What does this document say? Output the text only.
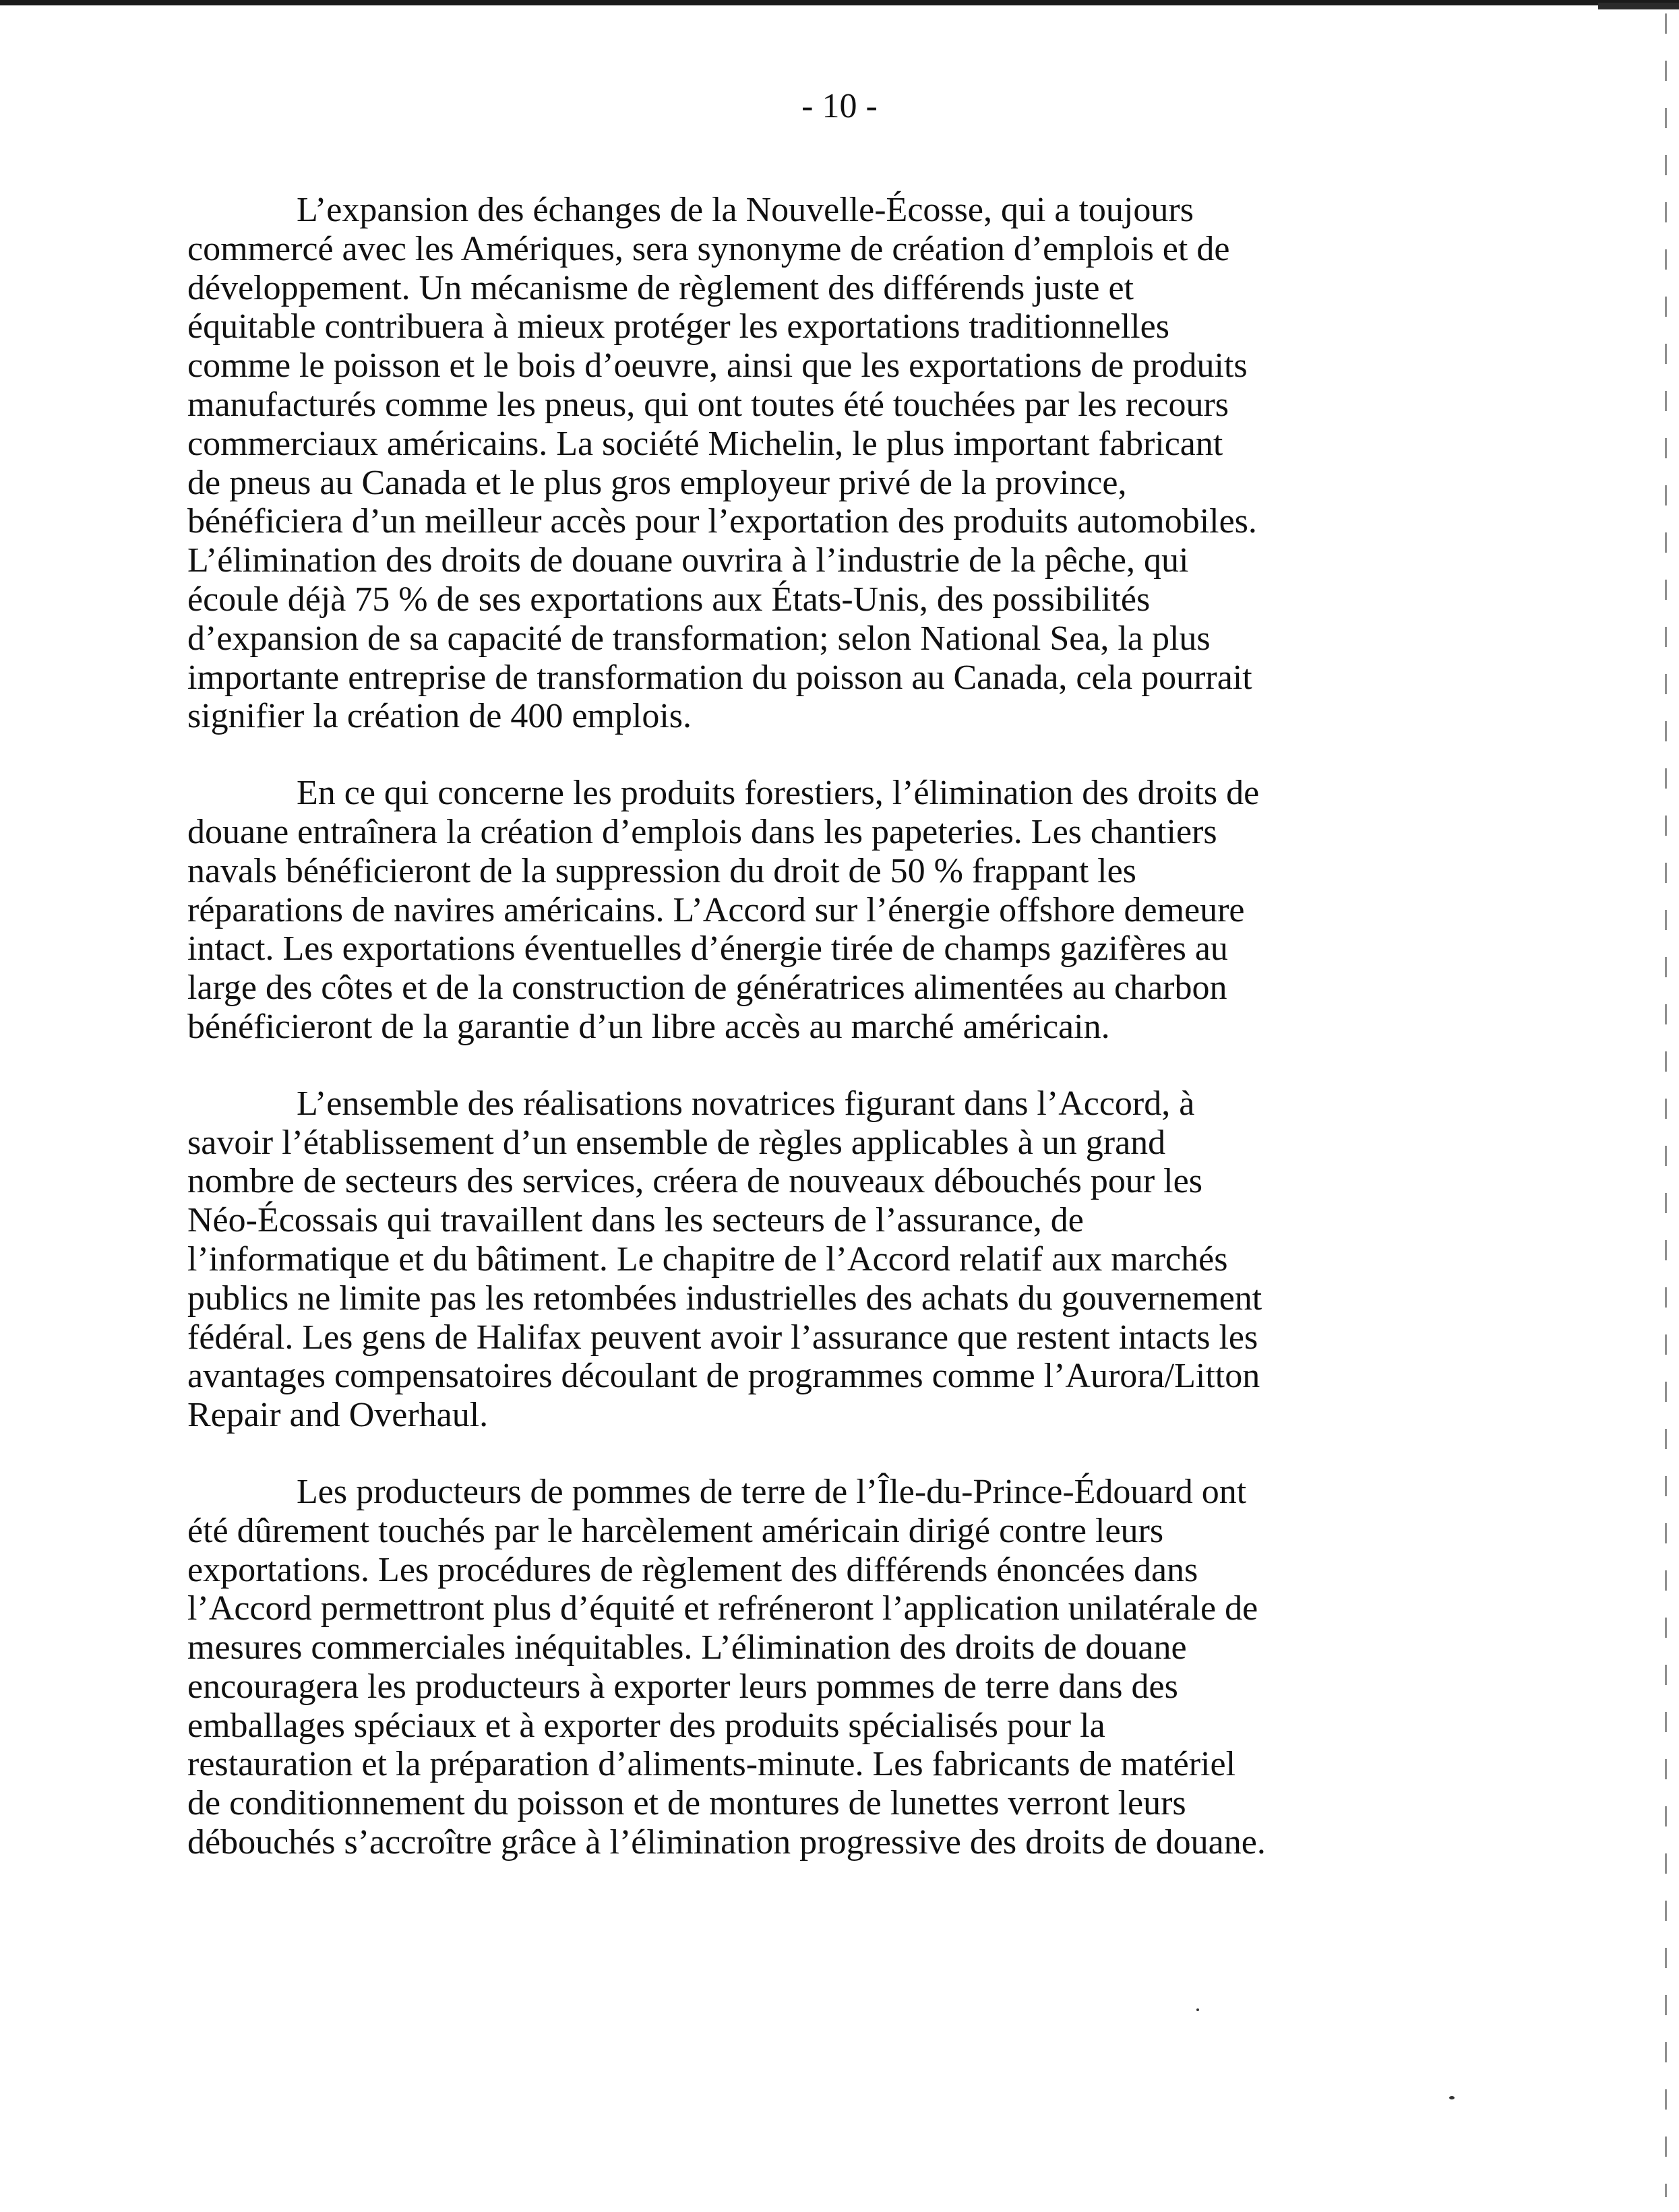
- 10 -

L’expansion des échanges de la Nouvelle-Écosse, qui a toujours
commercé avec les Amériques, sera synonyme de création d’emplois et de
développement. Un mécanisme de règlement des différends juste et
équitable contribuera à mieux protéger les exportations traditionnelles
comme le poisson et le bois d’oeuvre, ainsi que les exportations de produits
manufacturés comme les pneus, qui ont toutes été touchées par les recours
commerciaux américains. La société Michelin, le plus important fabricant
de pneus au Canada et le plus gros employeur privé de la province,
bénéficiera d’un meilleur accès pour l’exportation des produits automobiles.
L’élimination des droits de douane ouvrira à l’industrie de la pêche, qui
écoule déjà 75 % de ses exportations aux États-Unis, des possibilités
d’expansion de sa capacité de transformation; selon National Sea, la plus
importante entreprise de transformation du poisson au Canada, cela pourrait
signifier la création de 400 emplois.

En ce qui concerne les produits forestiers, l’élimination des droits de
douane entraînera la création d’emplois dans les papeteries. Les chantiers
navals bénéficieront de la suppression du droit de 50 % frappant les
réparations de navires américains. L’Accord sur l’énergie offshore demeure
intact. Les exportations éventuelles d’énergie tirée de champs gazifères au
large des côtes et de la construction de génératrices alimentées au charbon
bénéficieront de la garantie d’un libre accès au marché américain.

L’ensemble des réalisations novatrices figurant dans l’Accord, à
savoir l’établissement d’un ensemble de règles applicables à un grand
nombre de secteurs des services, créera de nouveaux débouchés pour les
Néo-Écossais qui travaillent dans les secteurs de l’assurance, de
l’informatique et du bâtiment. Le chapitre de l’Accord relatif aux marchés
publics ne limite pas les retombées industrielles des achats du gouvernement
fédéral. Les gens de Halifax peuvent avoir l’assurance que restent intacts les
avantages compensatoires découlant de programmes comme l’Aurora/Litton
Repair and Overhaul.

Les producteurs de pommes de terre de l’Île-du-Prince-Édouard ont
été dûrement touchés par le harcèlement américain dirigé contre leurs
exportations. Les procédures de règlement des différends énoncées dans
l’Accord permettront plus d’équité et refréneront l’application unilatérale de
mesures commerciales inéquitables. L’élimination des droits de douane
encouragera les producteurs à exporter leurs pommes de terre dans des
emballages spéciaux et à exporter des produits spécialisés pour la
restauration et la préparation d’aliments-minute. Les fabricants de matériel
de conditionnement du poisson et de montures de lunettes verront leurs
débouchés s’accroître grâce à l’élimination progressive des droits de douane.
